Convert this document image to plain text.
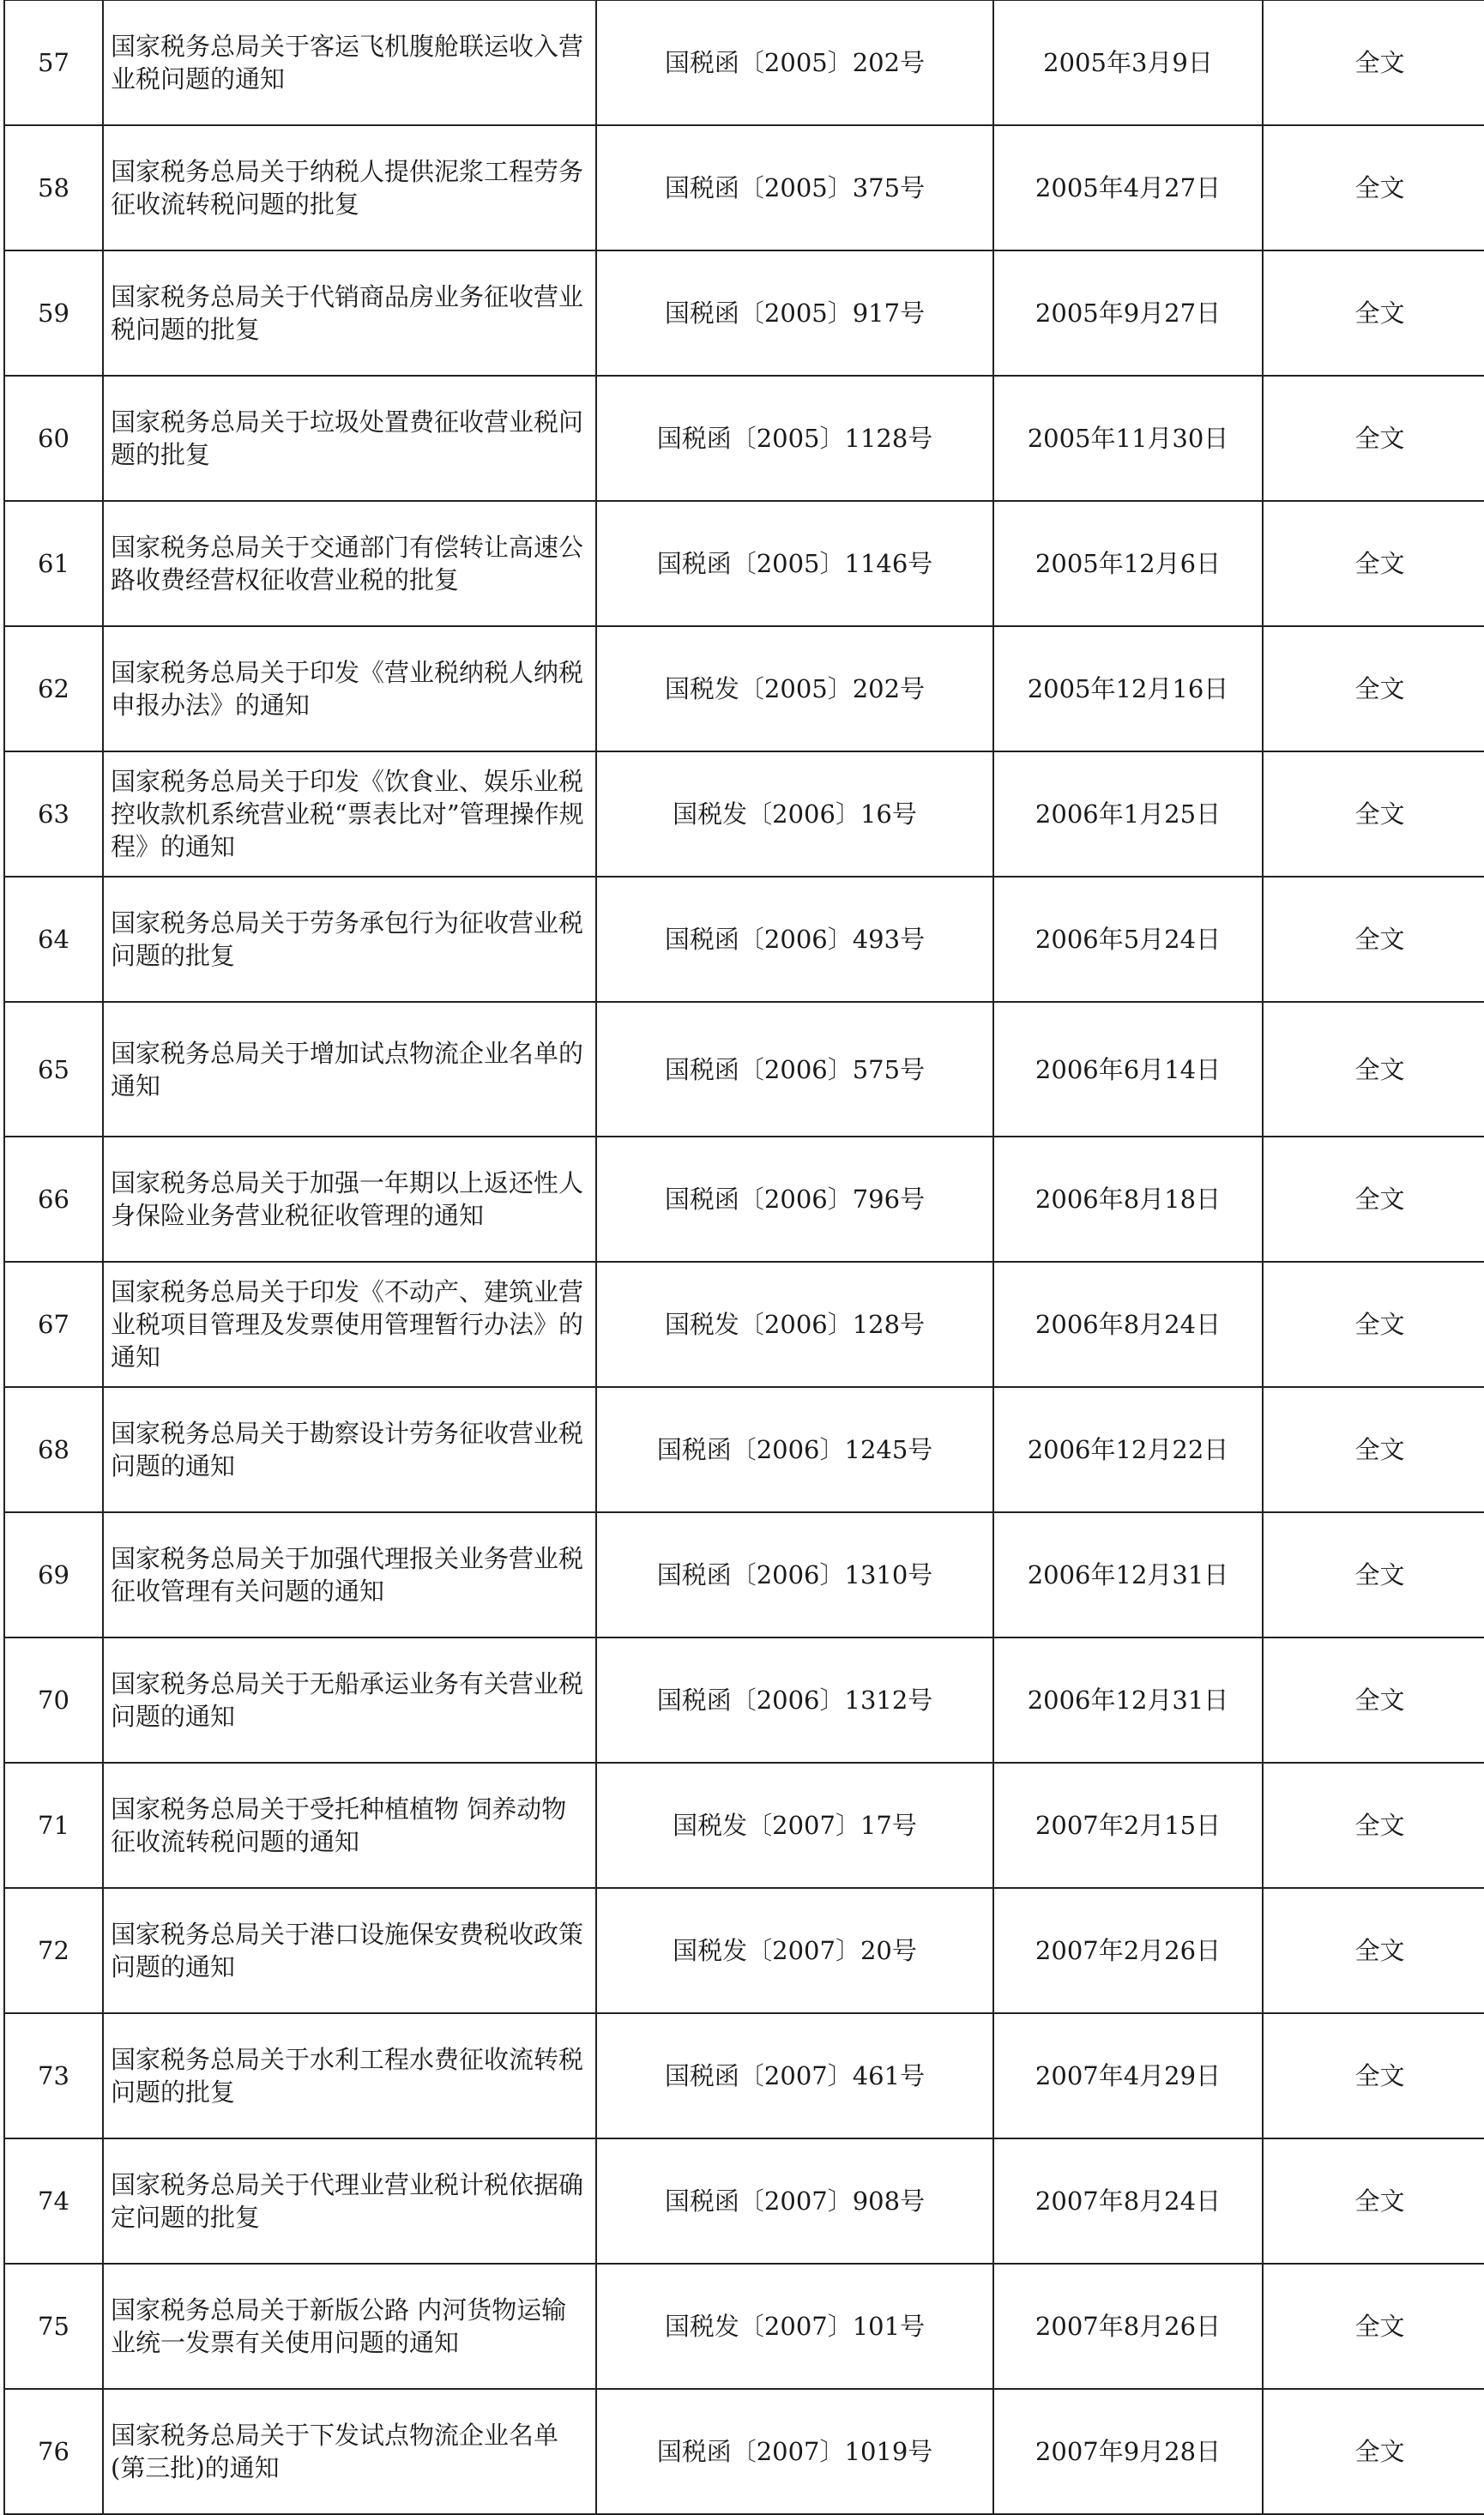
57	国家税务总局关于客运飞机腹舱联运收入营业税问题的通知	国税函〔2005〕202号	2005年3月9日	全文
58	国家税务总局关于纳税人提供泥浆工程劳务征收流转税问题的批复	国税函〔2005〕375号	2005年4月27日	全文
59	国家税务总局关于代销商品房业务征收营业税问题的批复	国税函〔2005〕917号	2005年9月27日	全文
60	国家税务总局关于垃圾处置费征收营业税问题的批复	国税函〔2005〕1128号	2005年11月30日	全文
61	国家税务总局关于交通部门有偿转让高速公路收费经营权征收营业税的批复	国税函〔2005〕1146号	2005年12月6日	全文
62	国家税务总局关于印发《营业税纳税人纳税申报办法》的通知	国税发〔2005〕202号	2005年12月16日	全文
63	国家税务总局关于印发《饮食业、娱乐业税控收款机系统营业税“票表比对”管理操作规程》的通知	国税发〔2006〕16号	2006年1月25日	全文
64	国家税务总局关于劳务承包行为征收营业税问题的批复	国税函〔2006〕493号	2006年5月24日	全文
65	国家税务总局关于增加试点物流企业名单的通知	国税函〔2006〕575号	2006年6月14日	全文
66	国家税务总局关于加强一年期以上返还性人身保险业务营业税征收管理的通知	国税函〔2006〕796号	2006年8月18日	全文
67	国家税务总局关于印发《不动产、建筑业营业税项目管理及发票使用管理暂行办法》的通知	国税发〔2006〕128号	2006年8月24日	全文
68	国家税务总局关于勘察设计劳务征收营业税问题的通知	国税函〔2006〕1245号	2006年12月22日	全文
69	国家税务总局关于加强代理报关业务营业税征收管理有关问题的通知	国税函〔2006〕1310号	2006年12月31日	全文
70	国家税务总局关于无船承运业务有关营业税问题的通知	国税函〔2006〕1312号	2006年12月31日	全文
71	国家税务总局关于受托种植植物 饲养动物征收流转税问题的通知	国税发〔2007〕17号	2007年2月15日	全文
72	国家税务总局关于港口设施保安费税收政策问题的通知	国税发〔2007〕20号	2007年2月26日	全文
73	国家税务总局关于水利工程水费征收流转税问题的批复	国税函〔2007〕461号	2007年4月29日	全文
74	国家税务总局关于代理业营业税计税依据确定问题的批复	国税函〔2007〕908号	2007年8月24日	全文
75	国家税务总局关于新版公路 内河货物运输业统一发票有关使用问题的通知	国税发〔2007〕101号	2007年8月26日	全文
76	国家税务总局关于下发试点物流企业名单(第三批)的通知	国税函〔2007〕1019号	2007年9月28日	全文
